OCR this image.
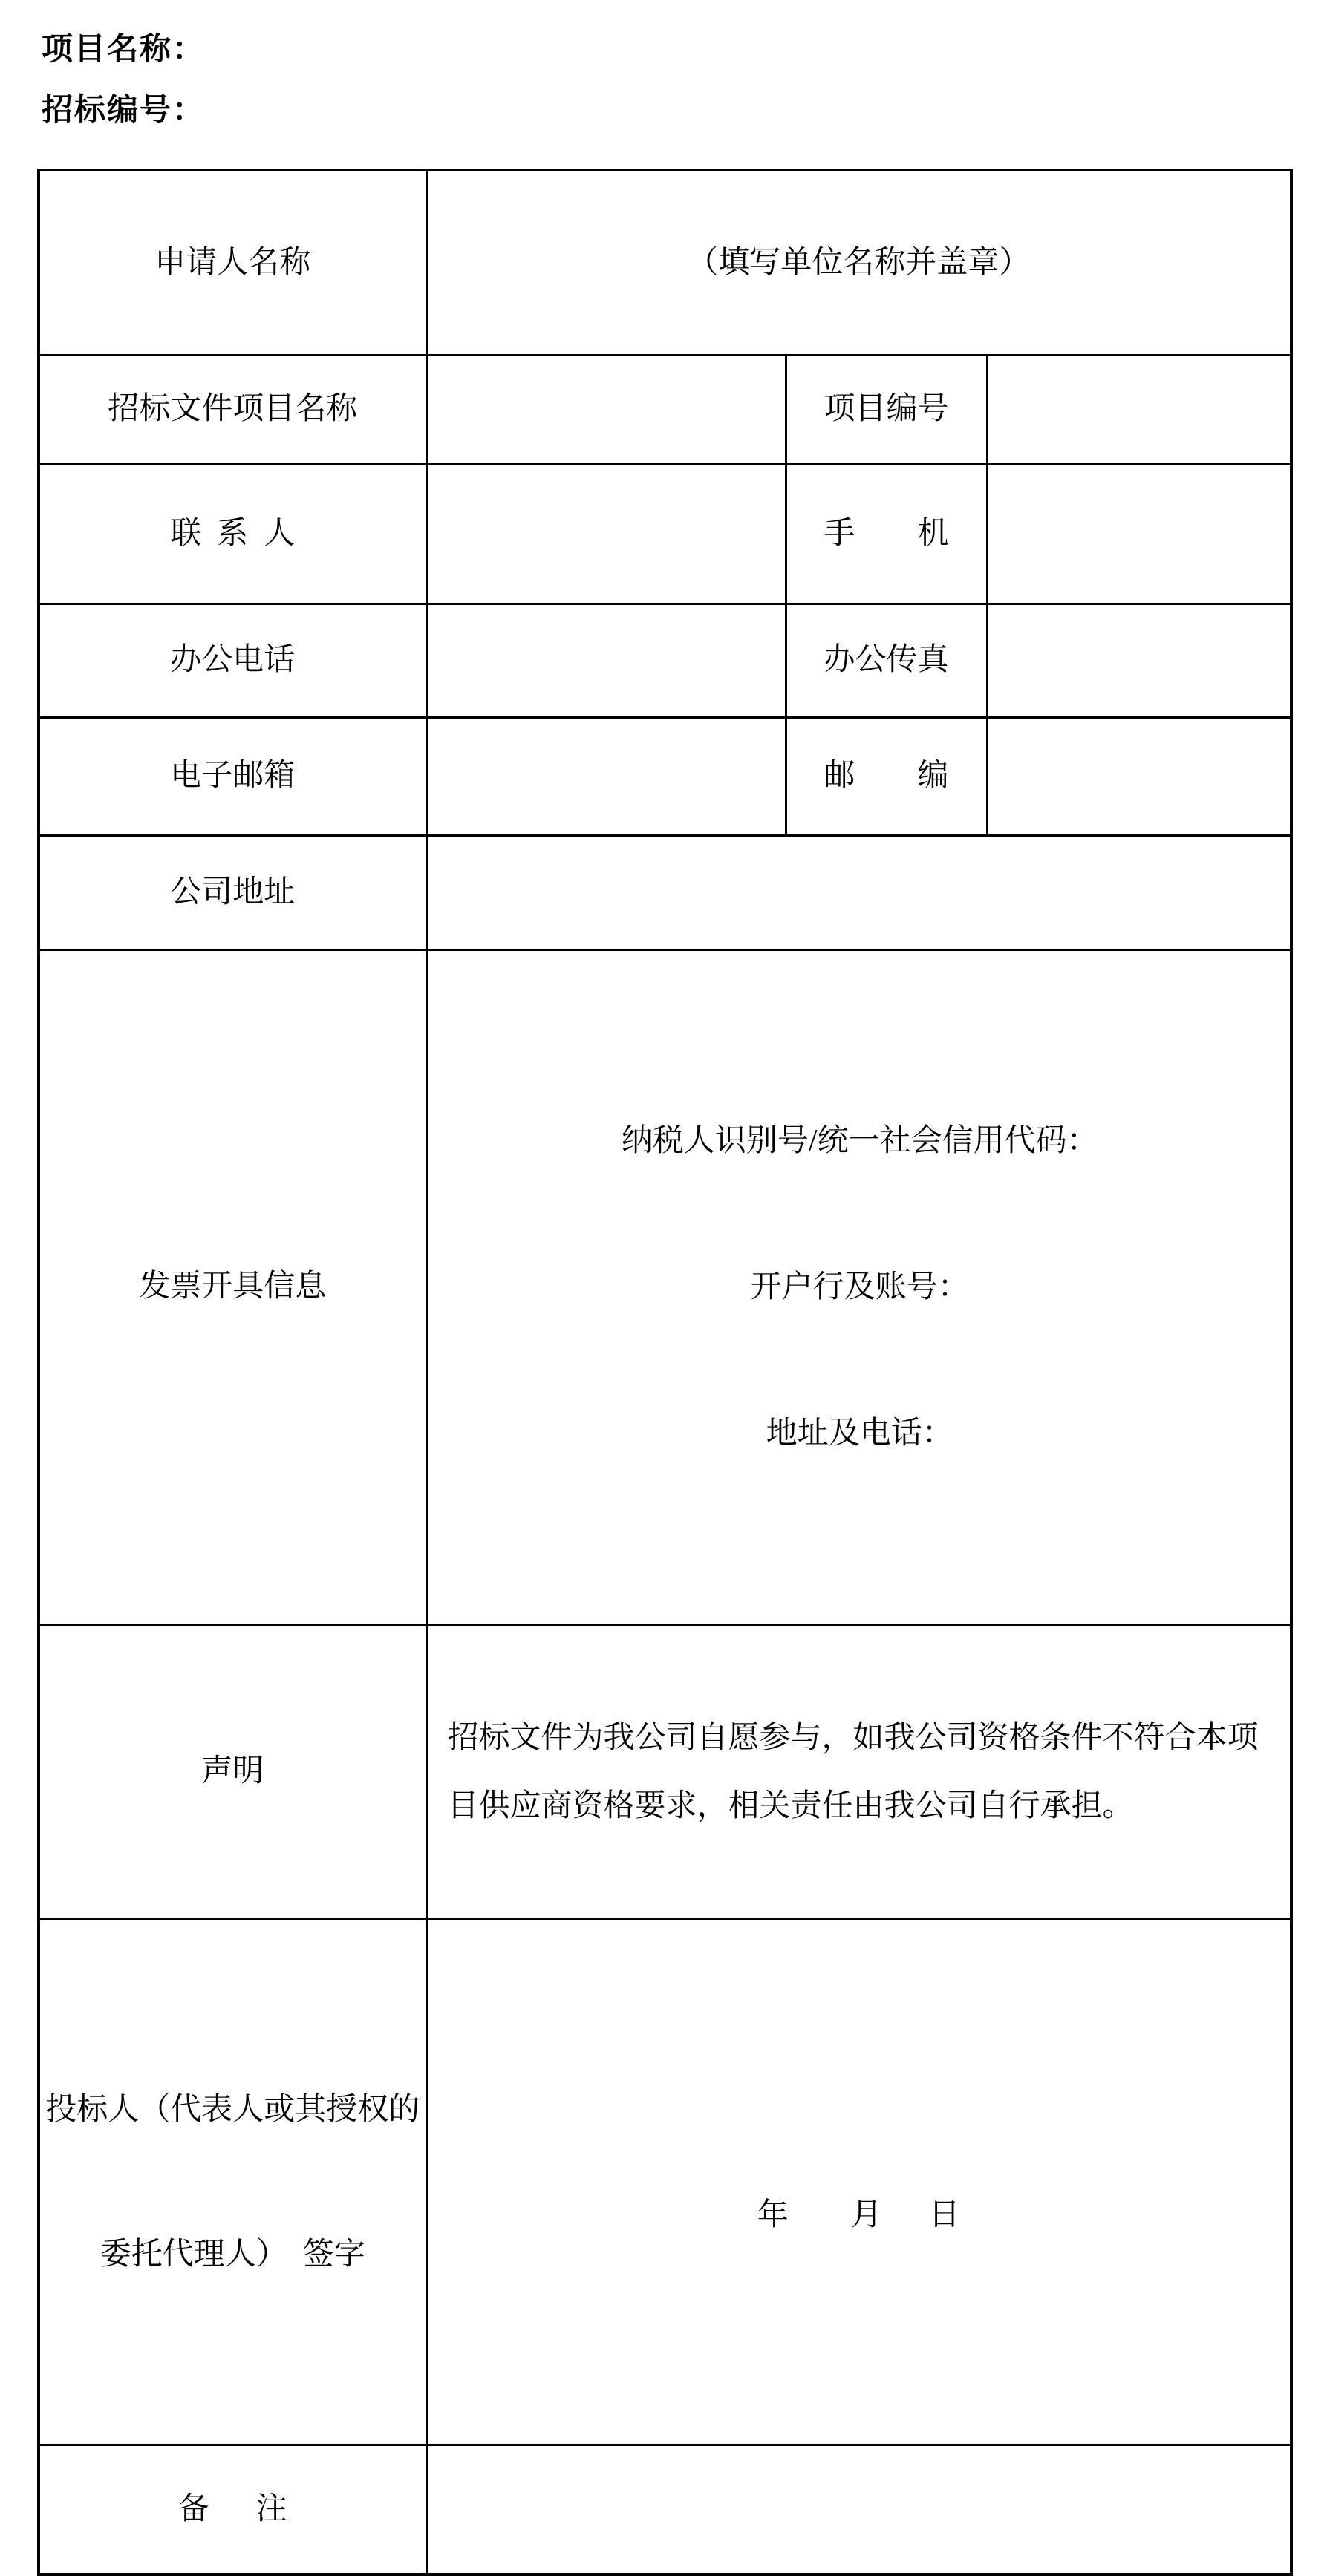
项目名称：
招标编号：
申请人名称	（填写单位名称并盖章）		
招标文件项目名称		项目编号	
联 系 人		手  机	
办公电话		办公传真	
电子邮箱		邮  编	
公司地址			
发票开具信息	纳税人识别号/统一社会信用代码：

开户行及账号：

地址及电话：		

声明	招标文件为我公司自愿参与，如我公司资格条件不符合本项目供应商资格要求，相关责任由我公司自行承担。		

投标人（代表人或其授权的

委托代理人） 签字	年  月  日		

备  注			
